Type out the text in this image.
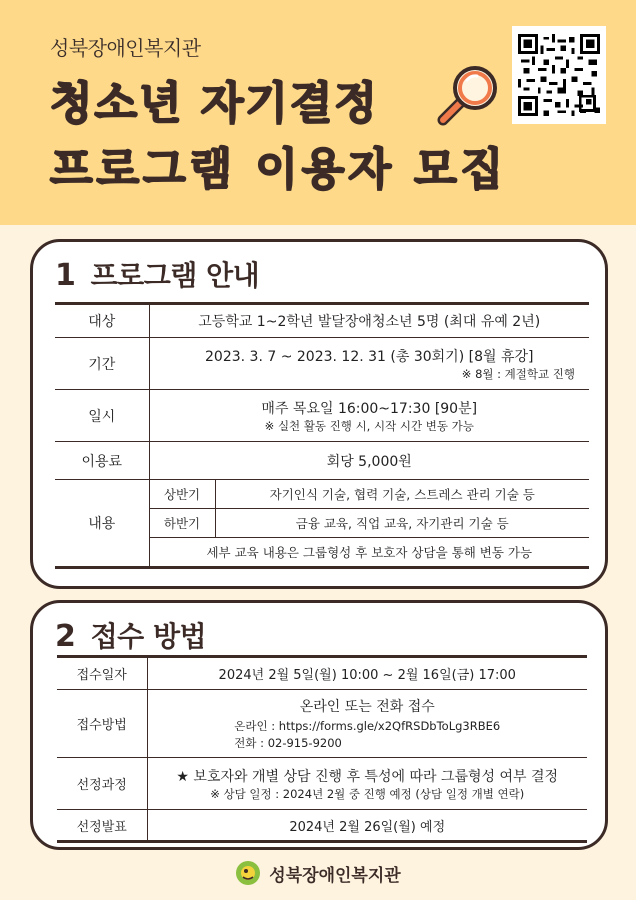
성북장애인복지관
청소년 자기결정
프로그램 이용자 모집
1 프로그램 안내
대상	고등학교 1~2학년 발달장애청소년 5명 (최대 유예 2년)	
기간	2023. 3. 7 ~ 2023. 12. 31 (총 30회기) [8월 휴강]
※ 8월 : 계절학교 진행	

일시	매주 목요일 16:00~17:30 [90분]
※ 실천 활동 진행 시, 시작 시간 변동 가능	

이용료	회당 5,000원	
내용	상반기	자기인식 기술, 협력 기술, 스트레스 관리 기술 등
	하반기	금융 교육, 직업 교육, 자기관리 기술 등
	세부 교육 내용은 그룹형성 후 보호자 상담을 통해 변동 가능	
2 접수 방법
접수일자	2024년 2월 5일(월) 10:00 ~ 2월 16일(금) 17:00
접수방법	온라인 또는 전화 접수
온라인 : https://forms.gle/x2QfRSDbToLg3RBE6
전화 : 02-915-9200

선정과정	★ 보호자와 개별 상담 진행 후 특성에 따라 그룹형성 여부 결정
※ 상담 일정 : 2024년 2월 중 진행 예정 (상담 일정 개별 연락)

선정발표	2024년 2월 26일(월) 예정
성북장애인복지관
